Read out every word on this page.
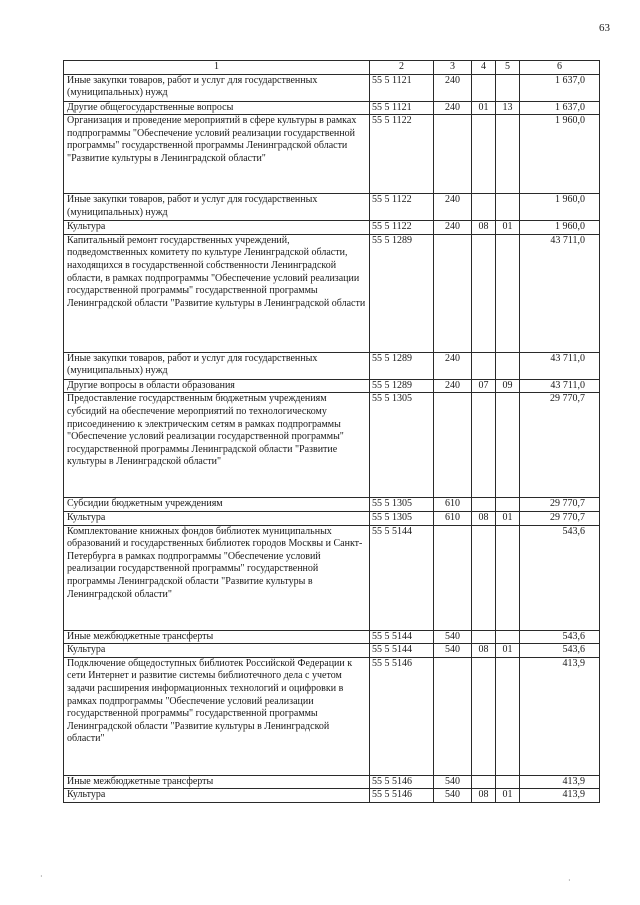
63
1	2	3	4	5	6
Иные закупки товаров, работ и услуг для государственных (муниципальных) нужд	55 5 1121	240			1 637,0
Другие общегосударственные вопросы	55 5 1121	240	01	13	1 637,0
Организация и проведение мероприятий в сфере культуры в рамках подпрограммы "Обеспечение условий реализации государственной программы" государственной программы Ленинградской области "Развитие культуры в Ленинградской области"	55 5 1122				1 960,0
Иные закупки товаров, работ и услуг для государственных (муниципальных) нужд	55 5 1122	240			1 960,0
Культура	55 5 1122	240	08	01	1 960,0
Капитальный ремонт государственных учреждений, подведомственных комитету по культуре Ленинградской области, находящихся в государственной собственности Ленинградской области, в рамках подпрограммы "Обеспечение условий реализации государственной программы" государственной программы Ленинградской области "Развитие культуры в Ленинградской области	55 5 1289				43 711,0
Иные закупки товаров, работ и услуг для государственных (муниципальных) нужд	55 5 1289	240			43 711,0
Другие вопросы в области образования	55 5 1289	240	07	09	43 711,0
Предоставление государственным бюджетным учреждениям субсидий на обеспечение мероприятий по технологическому присоединению к электрическим сетям в рамках подпрограммы "Обеспечение условий реализации государственной программы" государственной программы Ленинградской области "Развитие культуры в Ленинградской области"	55 5 1305				29 770,7
Субсидии бюджетным учреждениям	55 5 1305	610			29 770,7
Культура	55 5 1305	610	08	01	29 770,7
Комплектование книжных фондов библиотек муниципальных образований и государственных библиотек городов Москвы и Санкт-Петербурга в рамках подпрограммы "Обеспечение условий реализации государственной программы" государственной программы Ленинградской области "Развитие культуры в Ленинградской области"	55 5 5144				543,6
Иные межбюджетные трансферты	55 5 5144	540			543,6
Культура	55 5 5144	540	08	01	543,6
Подключение общедоступных библиотек Российской Федерации к сети Интернет и развитие системы библиотечного дела с учетом задачи расширения информационных технологий и оцифровки в рамках подпрограммы "Обеспечение условий реализации государственной программы" государственной программы Ленинградской области "Развитие культуры в Ленинградской области"	55 5 5146				413,9
Иные межбюджетные трансферты	55 5 5146	540			413,9
Культура	55 5 5146	540	08	01	413,9
·	·
